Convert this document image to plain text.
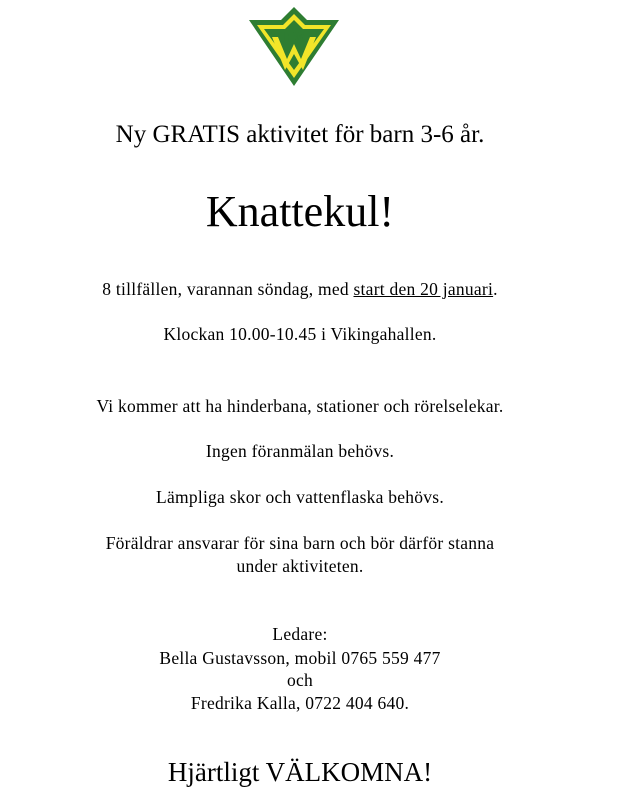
IFW

Ny GRATIS aktivitet för barn 3-6 år.

Knattekul!

8 tillfällen, varannan söndag, med start den 20 januari.

Klockan 10.00-10.45 i Vikingahallen.

Vi kommer att ha hinderbana, stationer och rörelselekar.

Ingen föranmälan behövs.

Lämpliga skor och vattenflaska behövs.

Föräldrar ansvarar för sina barn och bör därför stanna

under aktiviteten.

Ledare:

Bella Gustavsson, mobil 0765 559 477

och

Fredrika Kalla, 0722 404 640.

Hjärtligt VÄLKOMNA!
